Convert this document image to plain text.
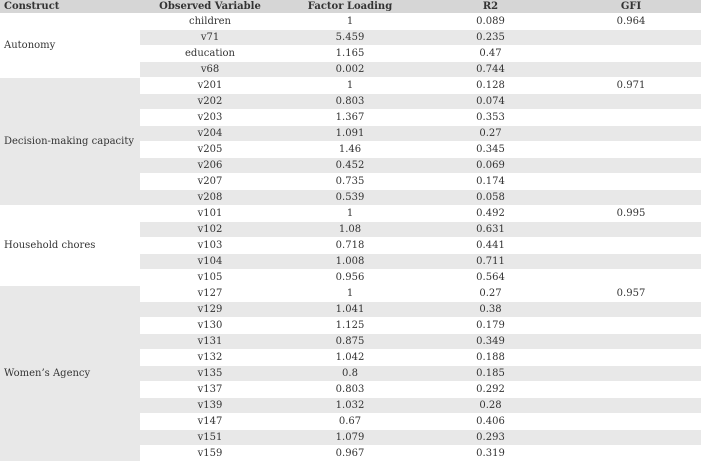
Construct	Observed Variable	Factor Loading	R2	GFI
Autonomy	children	1	0.089	0.964
	v71	5.459	0.235	
	education	1.165	0.47	
	v68	0.002	0.744	
Decision-making capacity	v201	1	0.128	0.971
	v202	0.803	0.074	
	v203	1.367	0.353	
	v204	1.091	0.27	
	v205	1.46	0.345	
	v206	0.452	0.069	
	v207	0.735	0.174	
	v208	0.539	0.058	
Household chores	v101	1	0.492	0.995
	v102	1.08	0.631	
	v103	0.718	0.441	
	v104	1.008	0.711	
	v105	0.956	0.564	
Women’s Agency	v127	1	0.27	0.957
	v129	1.041	0.38	
	v130	1.125	0.179	
	v131	0.875	0.349	
	v132	1.042	0.188	
	v135	0.8	0.185	
	v137	0.803	0.292	
	v139	1.032	0.28	
	v147	0.67	0.406	
	v151	1.079	0.293	
	v159	0.967	0.319	
